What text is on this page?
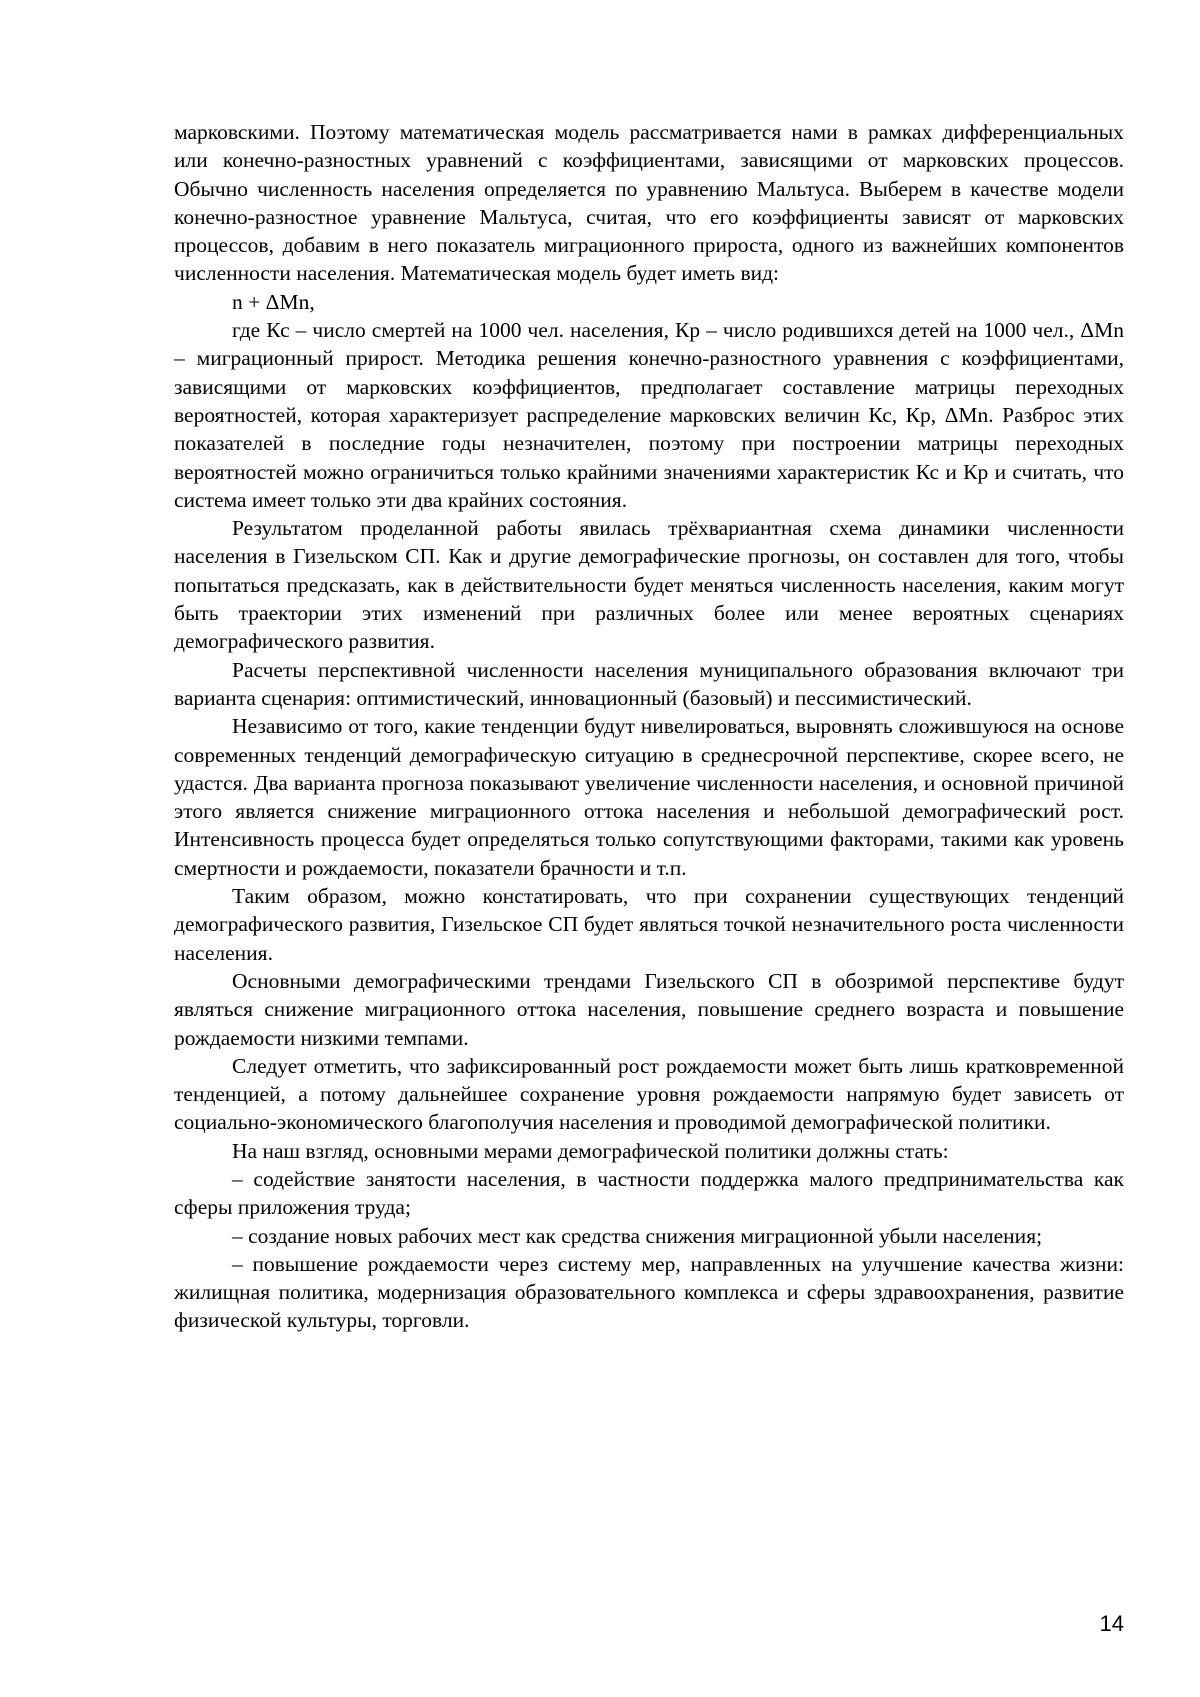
марковскими. Поэтому математическая модель рассматривается нами в рамках дифференциальных или конечно-разностных уравнений с коэффициентами, зависящими от марковских процессов. Обычно численность населения определяется по уравнению Мальтуса. Выберем в качестве модели конечно-разностное уравнение Мальтуса, считая, что его коэффициенты зависят от марковских процессов, добавим в него показатель миграционного прироста, одного из важнейших компонентов численности населения. Математическая модель будет иметь вид:

n + ΔMn,

где Кс – число смертей на 1000 чел. населения, Кр – число родившихся детей на 1000 чел., ΔMn – миграционный прирост. Методика решения конечно-разностного уравнения с коэффициентами, зависящими от марковских коэффициентов, предполагает составление матрицы переходных вероятностей, которая характеризует распределение марковских величин Кс, Кр, ΔMn. Разброс этих показателей в последние годы незначителен, поэтому при построении матрицы переходных вероятностей можно ограничиться только крайними значениями характеристик Кс и Кр и считать, что система имеет только эти два крайних состояния.

Результатом проделанной работы явилась трёхвариантная схема динамики численности населения в Гизельском СП. Как и другие демографические прогнозы, он составлен для того, чтобы попытаться предсказать, как в действительности будет меняться численность населения, каким могут быть траектории этих изменений при различных более или менее вероятных сценариях демографического развития.

Расчеты перспективной численности населения муниципального образования включают три варианта сценария: оптимистический, инновационный (базовый) и пессимистический.

Независимо от того, какие тенденции будут нивелироваться, выровнять сложившуюся на основе современных тенденций демографическую ситуацию в среднесрочной перспективе, скорее всего, не удастся. Два варианта прогноза показывают увеличение численности населения, и основной причиной этого является снижение миграционного оттока населения и небольшой демографический рост. Интенсивность процесса будет определяться только сопутствующими факторами, такими как уровень смертности и рождаемости, показатели брачности и т.п.

Таким образом, можно констатировать, что при сохранении существующих тенденций демографического развития, Гизельское СП будет являться точкой незначительного роста численности населения.

Основными демографическими трендами Гизельского СП в обозримой перспективе будут являться снижение миграционного оттока населения, повышение среднего возраста и повышение рождаемости низкими темпами.

Следует отметить, что зафиксированный рост рождаемости может быть лишь кратковременной тенденцией, а потому дальнейшее сохранение уровня рождаемости напрямую будет зависеть от социально-экономического благополучия населения и проводимой демографической политики.

На наш взгляд, основными мерами демографической политики должны стать:

– содействие занятости населения, в частности поддержка малого предпринимательства как сферы приложения труда;

– создание новых рабочих мест как средства снижения миграционной убыли населения;

– повышение рождаемости через систему мер, направленных на улучшение качества жизни: жилищная политика, модернизация образовательного комплекса и сферы здравоохранения, развитие физической культуры, торговли.

14
